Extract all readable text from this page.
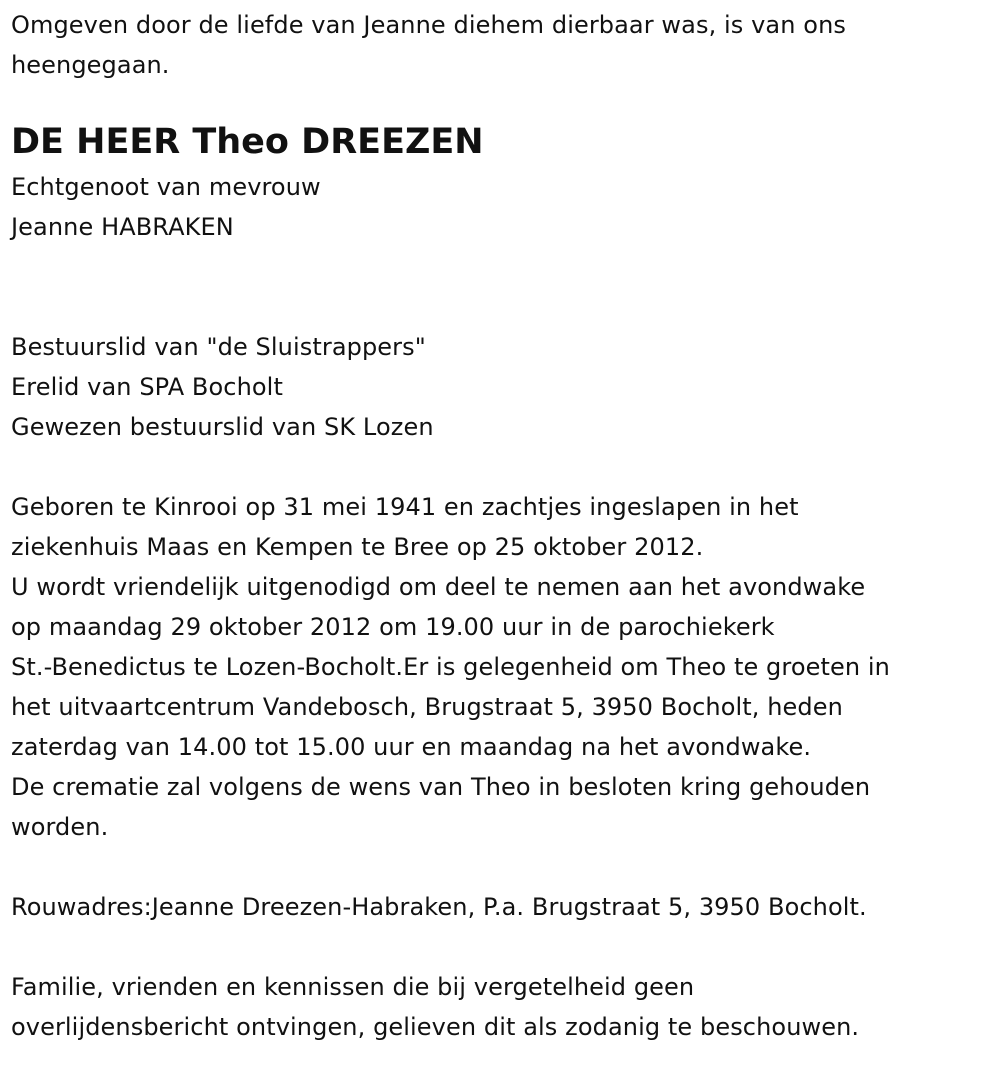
Omgeven door de liefde van Jeanne diehem dierbaar was, is van ons
heengegaan.
DE HEER Theo DREEZEN
Echtgenoot van mevrouw
Jeanne HABRAKEN
Bestuurslid van "de Sluistrappers"
Erelid van SPA Bocholt
Gewezen bestuurslid van SK Lozen
Geboren te Kinrooi op 31 mei 1941 en zachtjes ingeslapen in het
ziekenhuis Maas en Kempen te Bree op 25 oktober 2012.
U wordt vriendelijk uitgenodigd om deel te nemen aan het avondwake
op maandag 29 oktober 2012 om 19.00 uur in de parochiekerk
St.-Benedictus te Lozen-Bocholt.Er is gelegenheid om Theo te groeten in
het uitvaartcentrum Vandebosch, Brugstraat 5, 3950 Bocholt, heden
zaterdag van 14.00 tot 15.00 uur en maandag na het avondwake.
De crematie zal volgens de wens van Theo in besloten kring gehouden
worden.
Rouwadres:Jeanne Dreezen-Habraken, P.a. Brugstraat 5, 3950 Bocholt.
Familie, vrienden en kennissen die bij vergetelheid geen
overlijdensbericht ontvingen, gelieven dit als zodanig te beschouwen.
